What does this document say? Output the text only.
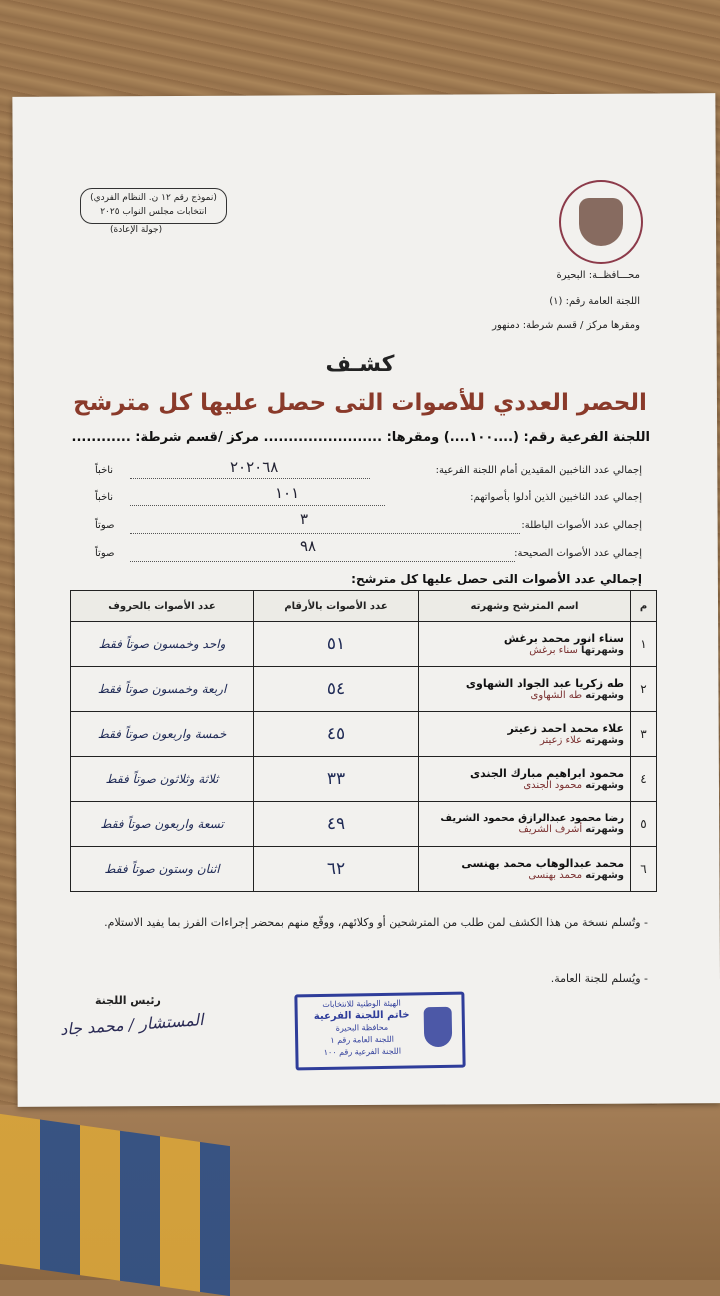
(نموذج رقم ١٢ ن. النظام الفردي)
انتخابات مجلس النواب ٢٠٢٥
(جولة الإعادة)
محـــافظــة: البحيرة
اللجنة العامة رقم: (١)
ومقرها مركز / قسم شرطة: دمنهور
كشـف
الحصر العددي للأصوات التى حصل عليها كل مترشح
اللجنة الفرعية رقم: (....١٠٠....) ومقرها: ........................ مركز /قسم شرطة: ............
إجمالي عدد الناخبين المقيدين أمام اللجنة الفرعية:
٢٠٢٠٦٨
ناخباً
إجمالي عدد الناخبين الذين أدلوا بأصواتهم:
١٠١
ناخباً
إجمالي عدد الأصوات الباطلة:
٣
صوتاً
إجمالي عدد الأصوات الصحيحة:
٩٨
صوتاً
إجمالي عدد الأصوات التى حصل عليها كل مترشح:
م	اسم المترشح وشهرته	عدد الأصوات بالأرقام	عدد الأصوات بالحروف
١	سناء انور محمد برغش
وشهرتها سناء برغش	٥١	واحد وخمسون صوتاً فقط
٢	طه زكريا عبد الجواد الشهاوى
وشهرته طه الشهاوى	٥٤	اربعة وخمسون صوتاً فقط
٣	علاء محمد احمد زعيتر
وشهرته علاء زعيتر	٤٥	خمسة واربعون صوتاً فقط
٤	محمود ابراهيم مبارك الجندى
وشهرته محمود الجندى	٣٣	ثلاثة وثلاثون صوتاً فقط
٥	رضا محمود عبدالرازق محمود الشريف
وشهرته أشرف الشريف	٤٩	تسعة واربعون صوتاً فقط
٦	محمد عبدالوهاب محمد بهنسى
وشهرته محمد بهنسى	٦٢	اثنان وستون صوتاً فقط
- وتُسلم نسخة من هذا الكشف لمن طلب من المترشحين أو وكلائهم، ووقّع منهم بمحضر إجراءات الفرز بما يفيد الاستلام.
- ويُسلم للجنة العامة.
رئيس اللجنة
المستشار / محمد جاد
الهيئة الوطنية للانتخابات
خاتم اللجنة الفرعية
محافظة البحيرة
اللجنة العامة رقم ١
اللجنة الفرعية رقم ١٠٠
